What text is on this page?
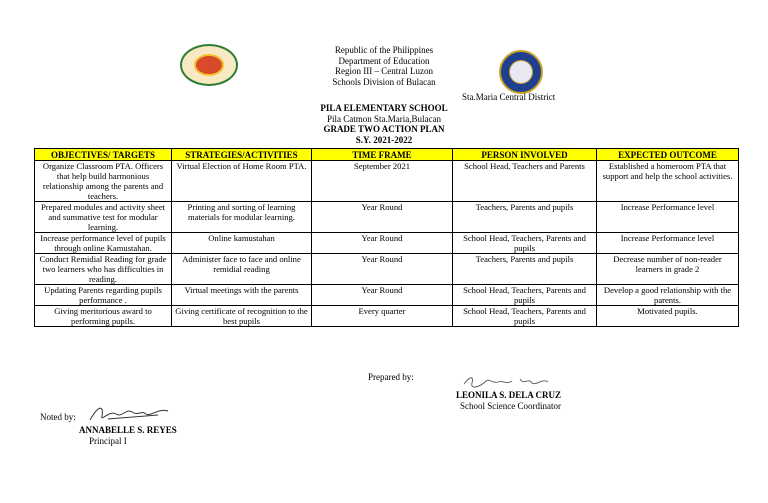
Republic of the Philippines
Department of Education
Region III – Central Luzon
Schools Division of Bulacan
Sta.Maria Central District
PILA ELEMENTARY SCHOOL
Pila Catmon Sta.Maria,Bulacan
GRADE TWO ACTION PLAN
S.Y. 2021-2022
OBJECTIVES/ TARGETS	STRATEGIES/ACTIVITIES	TIME FRAME	PERSON INVOLVED	EXPECTED OUTCOME
Organize Classroom PTA. Officers that help build harmonious relationship among the parents and teachers.	Virtual Election of Home Room PTA.	September 2021	School Head, Teachers and Parents	Established a homeroom PTA that support and help the school activities.
Prepared modules and activity sheet and summative test for modular learning.	Printing and sorting of learning materials for modular learning.	Year Round	Teachers, Parents and pupils	Increase Performance level
Increase performance level of pupils through online Kamustahan.	Online kamustahan	Year Round	School Head, Teachers, Parents and pupils	Increase Performance level
Conduct Remidial Reading for grade two learners who has difficulties in reading.	Administer face to face and online remidial reading	Year Round	Teachers, Parents and pupils	Decrease number of non-reader learners in grade 2
Updating Parents regarding pupils performance .	Virtual meetings with the parents	Year Round	School Head, Teachers, Parents and pupils	Develop a good relationship with the parents.
Giving meritorious award to performing pupils.	Giving certificate of recognition to the best pupils	Every quarter	School Head, Teachers, Parents and pupils	Motivated pupils.
Prepared by:
LEONILA S. DELA CRUZ
School Science Coordinator
Noted by:
ANNABELLE S. REYES
Principal I
